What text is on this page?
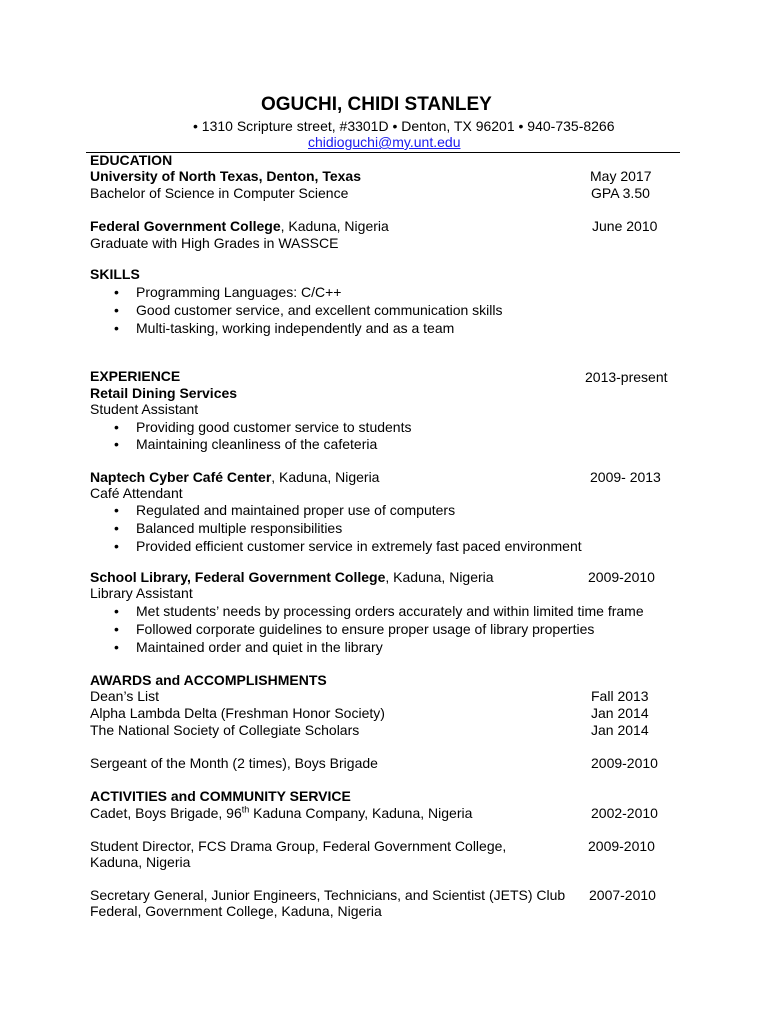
OGUCHI, CHIDI STANLEY
• 1310 Scripture street, #3301D • Denton, TX 96201 • 940-735-8266
chidioguchi@my.unt.edu
EDUCATION
University of North Texas, Denton, Texas	May 2017
Bachelor of Science in Computer Science	GPA 3.50
Federal Government College, Kaduna, Nigeria	June 2010
Graduate with High Grades in WASSCE
SKILLS
•	Programming Languages: C/C++
•	Good customer service, and excellent communication skills
•	Multi-tasking, working independently and as a team
EXPERIENCE	2013-present
Retail Dining Services
Student Assistant
•	Providing good customer service to students
•	Maintaining cleanliness of the cafeteria
Naptech Cyber Café Center, Kaduna, Nigeria	2009- 2013
Café Attendant
•	Regulated and maintained proper use of computers
•	Balanced multiple responsibilities
•	Provided efficient customer service in extremely fast paced environment
School Library, Federal Government College, Kaduna, Nigeria	2009-2010
Library Assistant
•	Met students’ needs by processing orders accurately and within limited time frame
•	Followed corporate guidelines to ensure proper usage of library properties
•	Maintained order and quiet in the library
AWARDS and ACCOMPLISHMENTS
Dean’s List	Fall 2013
Alpha Lambda Delta (Freshman Honor Society)	Jan 2014
The National Society of Collegiate Scholars	Jan 2014
Sergeant of the Month (2 times), Boys Brigade	2009-2010
ACTIVITIES and COMMUNITY SERVICE
Cadet, Boys Brigade, 96th Kaduna Company, Kaduna, Nigeria	2002-2010
Student Director, FCS Drama Group, Federal Government College,	2009-2010
Kaduna, Nigeria
Secretary General, Junior Engineers, Technicians, and Scientist (JETS) Club 2007-2010
Federal, Government College, Kaduna, Nigeria
